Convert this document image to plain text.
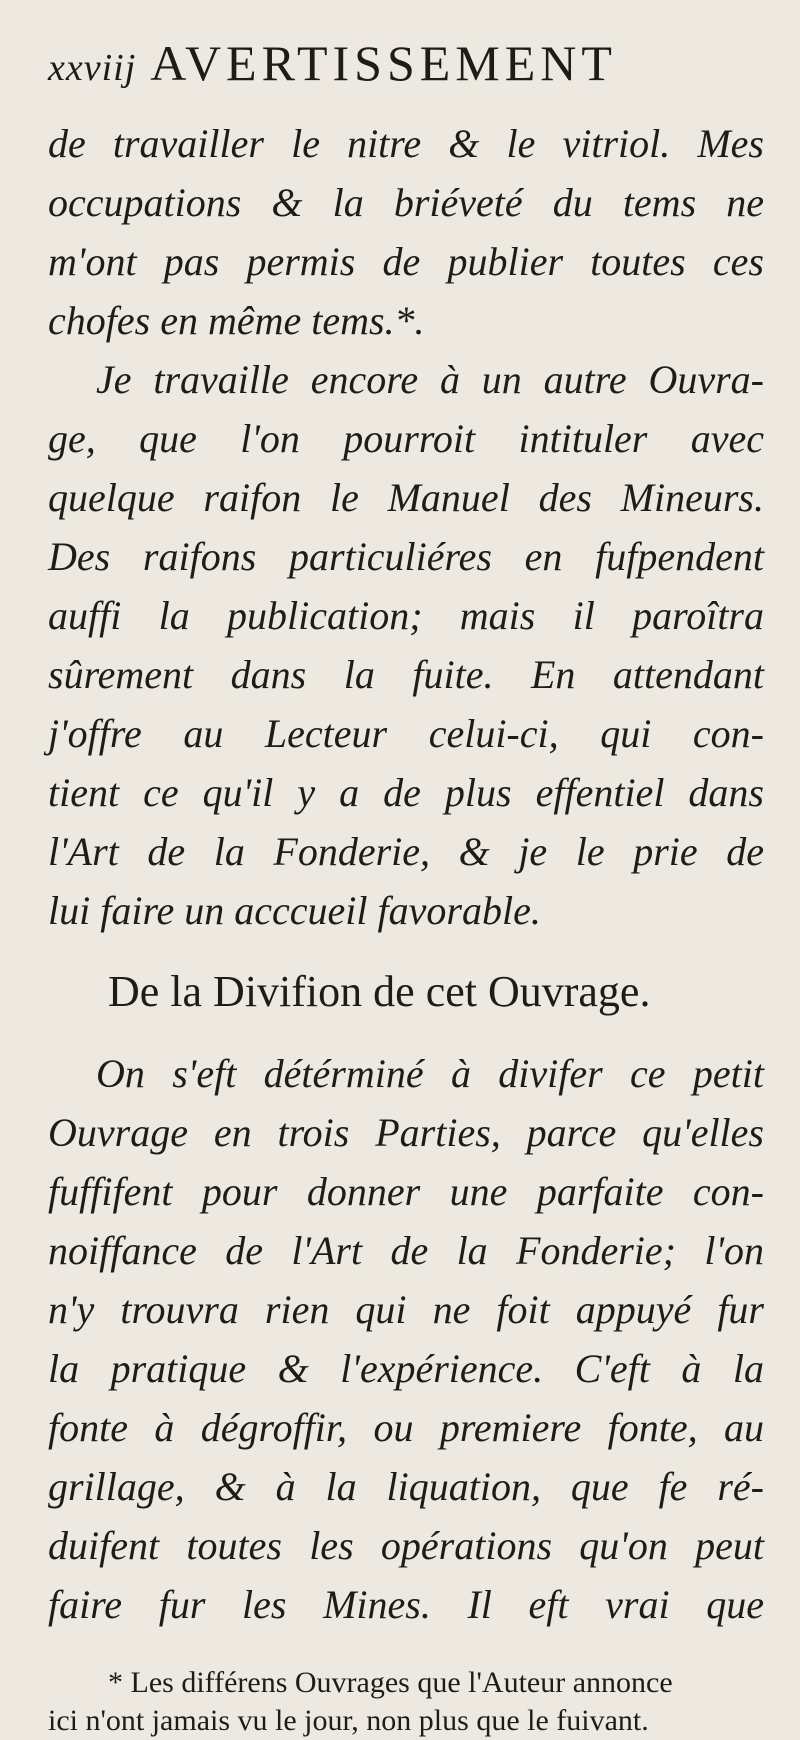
xxviij AVERTISSEMENT
de travailler le nitre & le vitriol. Mes
occupations & la briéveté du tems ne
m'ont pas permis de publier toutes ces
chofes en même tems.*.
Je travaille encore à un autre Ouvra-
ge, que l'on pourroit intituler avec
quelque raifon le Manuel des Mineurs.
Des raifons particuliéres en fufpendent
auffi la publication; mais il paroîtra
sûrement dans la fuite. En attendant
j'offre au Lecteur celui-ci, qui con-
tient ce qu'il y a de plus effentiel dans
l'Art de la Fonderie, & je le prie de
lui faire un acccueil favorable.
De la Divifion de cet Ouvrage.
On s'eft détérminé à divifer ce petit
Ouvrage en trois Parties, parce qu'elles
fuffifent pour donner une parfaite con-
noiffance de l'Art de la Fonderie; l'on
n'y trouvra rien qui ne foit appuyé fur
la pratique & l'expérience. C'eft à la
fonte à dégroffir, ou premiere fonte, au
grillage, & à la liquation, que fe ré-
duifent toutes les opérations qu'on peut
faire fur les Mines. Il eft vrai que
* Les différens Ouvrages que l'Auteur annonce
ici n'ont jamais vu le jour, non plus que le fuivant.
